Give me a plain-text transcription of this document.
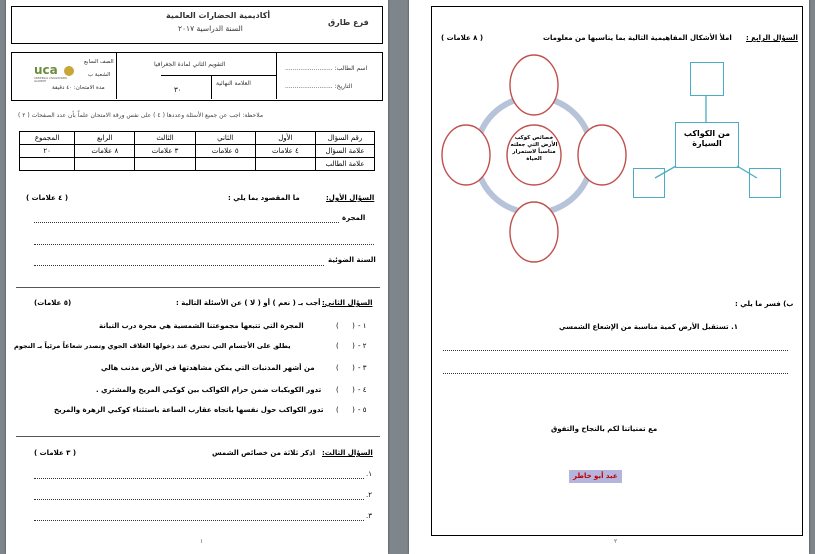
أكاديمية الحضارات العالمية
السنة الدراسية ٢٠١٧
فرع طارق
اسم الطالب: .........................
التاريخ: .........................
التقويم الثاني لمادة الجغرافيا
العلامة النهائية
٣٠
الصف السابع
الشعبة ب
مدة الامتحان: ٤٠ دقيقة
uca
UNIVERSAL CIVILIZATIONS ACADEMY
ملاحظة: اجب عن جميع الأسئلة وعددها ( ٤ ) على نفس ورقة الامتحان علماً بأن عدد الصفحات ( ٢ )
رقم السؤال	الأول	الثاني	الثالث	الرابع	المجموع
علامة السؤال	٤ علامات	٥ علامات	٣ علامات	٨ علامات	٢٠
علامة الطالب					
السؤال الأول:
ما المقصود بما يلي :
( ٤ علامات )
المجرة
السنة الضوئية
السؤال الثاني:
أجب بـ ( نعم ) أو ( لا ) عن الأسئلة التالية :
(٥ علامات)
١ -
(      )
المجرة التي تتبعها مجموعتنا الشمسية هي مجرة درب التبانة
٢ -
(      )
يطلق على الأجسام التي تحترق عند دخولها الغلاف الجوي وتصدر شعاعاً مرئياً بـ النجوم
٣ -
(      )
من أشهر المذنبات التي يمكن مشاهدتها في الأرض مذنب هالي
٤ -
(      )
تدور الكويكبات ضمن حزام الكواكب بين كوكبي المريخ والمشتري .
٥ -
(      )
تدور الكواكب حول نفسها باتجاه عقارب الساعة باستثناء كوكبي الزهرة والمريخ
السؤال الثالث:
اذكر ثلاثة من خصائص الشمس
( ٣ علامات )
١.
٢.
٣.
١
السؤال الرابع :
املأ الأشكال المفاهيمية التالية بما يناسبها من معلومات
( ٨ علامات )
من الكواكب السيارة
خصائص كوكب الأرض التي جعلته مناسباً لاستمرار الحياة
ب) فسر ما يلي :
١. تستقبل الأرض كمية مناسبة من الإشعاع الشمسي
مع تمنياتنا لكم بالنجاح والتفوق
عبد أبو خاطر
٢
